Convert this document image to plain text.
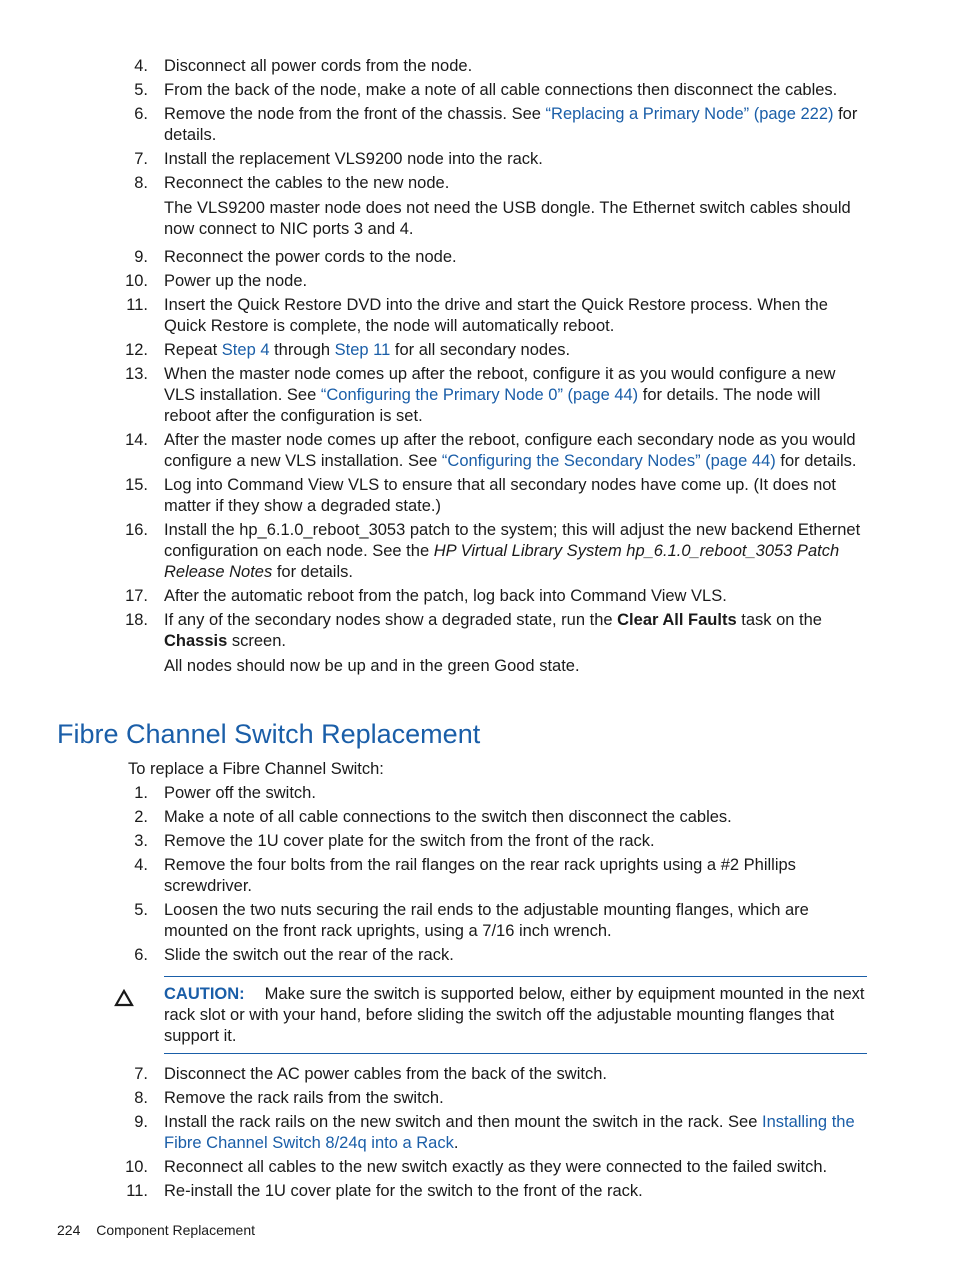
4. Disconnect all power cords from the node.
5. From the back of the node, make a note of all cable connections then disconnect the cables.
6. Remove the node from the front of the chassis. See “Replacing a Primary Node” (page 222) for details.
7. Install the replacement VLS9200 node into the rack.
8. Reconnect the cables to the new node.
The VLS9200 master node does not need the USB dongle. The Ethernet switch cables should now connect to NIC ports 3 and 4.
9. Reconnect the power cords to the node.
10. Power up the node.
11. Insert the Quick Restore DVD into the drive and start the Quick Restore process. When the Quick Restore is complete, the node will automatically reboot.
12. Repeat Step 4 through Step 11 for all secondary nodes.
13. When the master node comes up after the reboot, configure it as you would configure a new VLS installation. See “Configuring the Primary Node 0” (page 44) for details. The node will reboot after the configuration is set.
14. After the master node comes up after the reboot, configure each secondary node as you would configure a new VLS installation. See “Configuring the Secondary Nodes” (page 44) for details.
15. Log into Command View VLS to ensure that all secondary nodes have come up. (It does not matter if they show a degraded state.)
16. Install the hp_6.1.0_reboot_3053 patch to the system; this will adjust the new backend Ethernet configuration on each node. See the HP Virtual Library System hp_6.1.0_reboot_3053 Patch Release Notes for details.
17. After the automatic reboot from the patch, log back into Command View VLS.
18. If any of the secondary nodes show a degraded state, run the Clear All Faults task on the Chassis screen.
All nodes should now be up and in the green Good state.
Fibre Channel Switch Replacement
To replace a Fibre Channel Switch:
1. Power off the switch.
2. Make a note of all cable connections to the switch then disconnect the cables.
3. Remove the 1U cover plate for the switch from the front of the rack.
4. Remove the four bolts from the rail flanges on the rear rack uprights using a #2 Phillips screwdriver.
5. Loosen the two nuts securing the rail ends to the adjustable mounting flanges, which are mounted on the front rack uprights, using a 7/16 inch wrench.
6. Slide the switch out the rear of the rack.
CAUTION: Make sure the switch is supported below, either by equipment mounted in the next rack slot or with your hand, before sliding the switch off the adjustable mounting flanges that support it.
7. Disconnect the AC power cables from the back of the switch.
8. Remove the rack rails from the switch.
9. Install the rack rails on the new switch and then mount the switch in the rack. See Installing the Fibre Channel Switch 8/24q into a Rack.
10. Reconnect all cables to the new switch exactly as they were connected to the failed switch.
11. Re-install the 1U cover plate for the switch to the front of the rack.
224 Component Replacement
